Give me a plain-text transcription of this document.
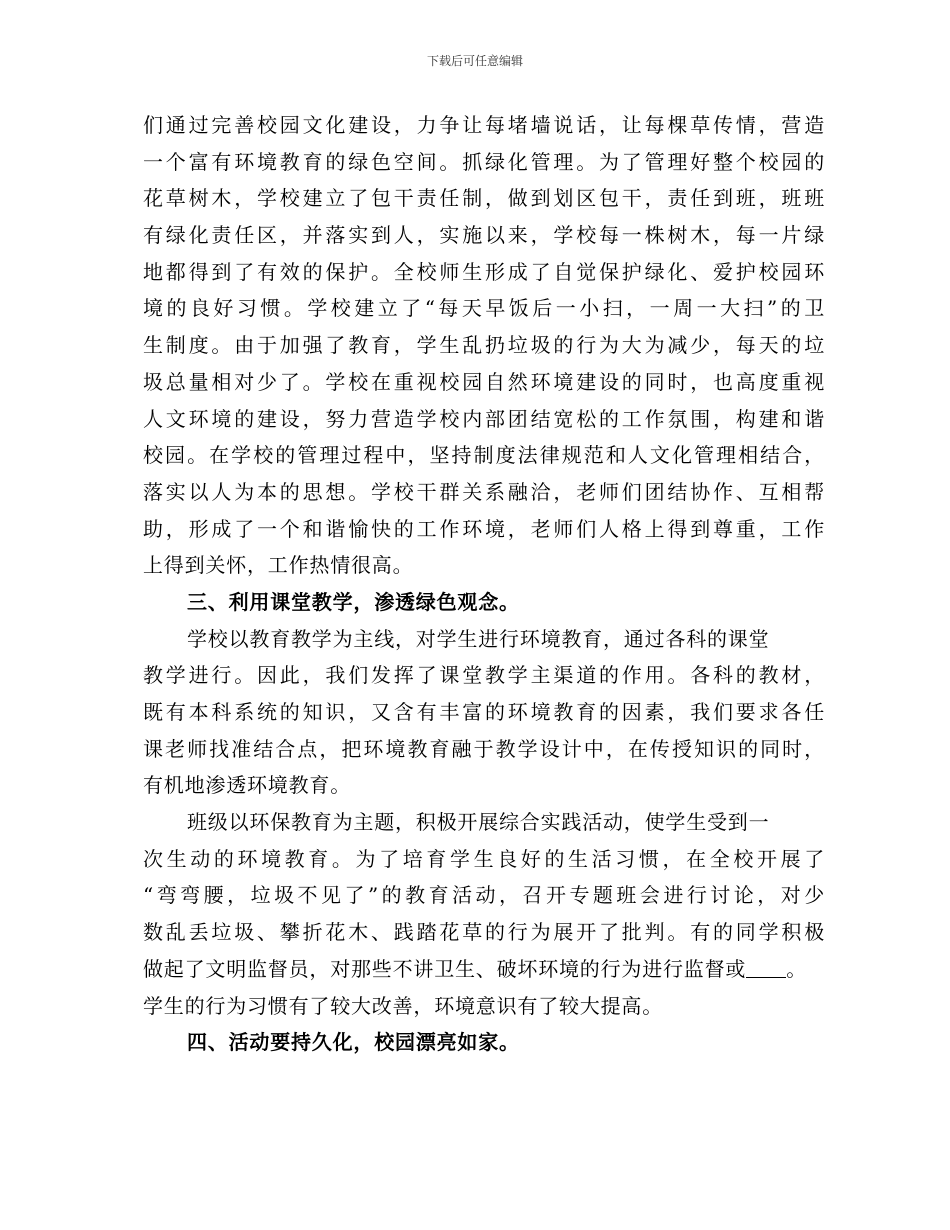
下载后可任意编辑
们通过完善校园文化建设，力争让每堵墙说话，让每棵草传情，营造
一个富有环境教育的绿色空间。抓绿化管理。为了管理好整个校园的
花草树木，学校建立了包干责任制，做到划区包干，责任到班，班班
有绿化责任区，并落实到人，实施以来，学校每一株树木，每一片绿
地都得到了有效的保护。全校师生形成了自觉保护绿化、爱护校园环
境的良好习惯。学校建立了“每天早饭后一小扫，一周一大扫”的卫
生制度。由于加强了教育，学生乱扔垃圾的行为大为减少，每天的垃
圾总量相对少了。学校在重视校园自然环境建设的同时，也高度重视
人文环境的建设，努力营造学校内部团结宽松的工作氛围，构建和谐
校园。在学校的管理过程中，坚持制度法律规范和人文化管理相结合，
落实以人为本的思想。学校干群关系融洽，老师们团结协作、互相帮
助，形成了一个和谐愉快的工作环境，老师们人格上得到尊重，工作
上得到关怀，工作热情很高。
三、利用课堂教学，渗透绿色观念。
学校以教育教学为主线，对学生进行环境教育，通过各科的课堂
教学进行。因此，我们发挥了课堂教学主渠道的作用。各科的教材，
既有本科系统的知识，又含有丰富的环境教育的因素，我们要求各任
课老师找准结合点，把环境教育融于教学设计中，在传授知识的同时，
有机地渗透环境教育。
班级以环保教育为主题，积极开展综合实践活动，使学生受到一
次生动的环境教育。为了培育学生良好的生活习惯，在全校开展了
“弯弯腰，垃圾不见了”的教育活动，召开专题班会进行讨论，对少
数乱丢垃圾、攀折花木、践踏花草的行为展开了批判。有的同学积极
做起了文明监督员，对那些不讲卫生、破坏环境的行为进行监督或 。
学生的行为习惯有了较大改善，环境意识有了较大提高。
四、活动要持久化，校园漂亮如家。
